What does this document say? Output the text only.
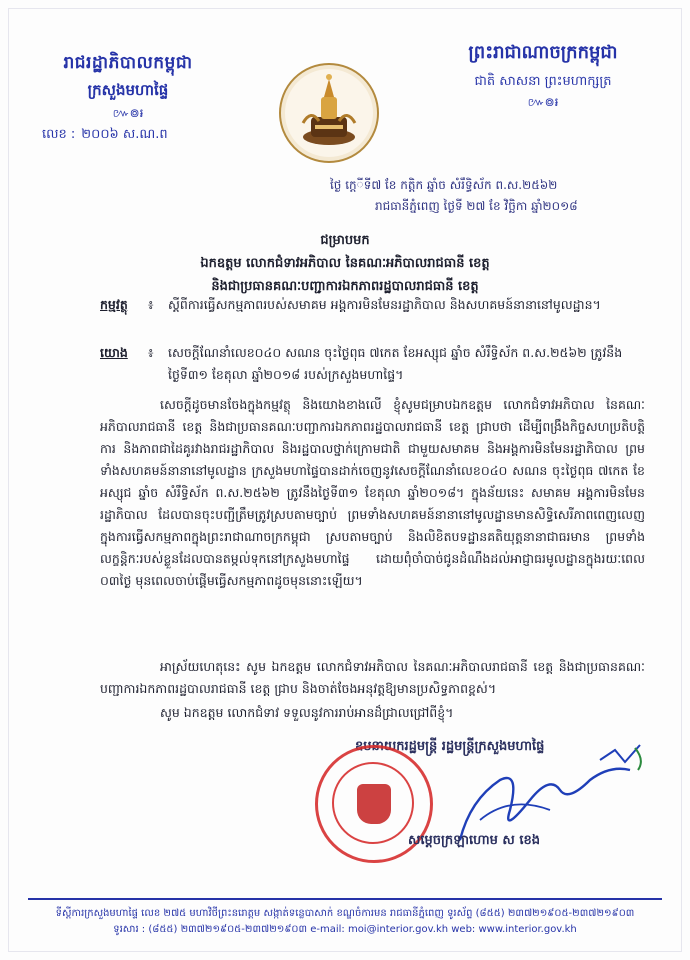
រាជរដ្ឋាភិបាលកម្ពុជា
ក្រសួងមហាផ្ទៃ
៚៙៛
លេខ : ២០០៦ ស.ណ.ព
ព្រះរាជាណាចក្រកម្ពុជា
ជាតិ សាសនា ព្រះមហាក្សត្រ
៚៙៛
ថ្ងៃ កេ្តីទី៧ ខែ កត្តិក ឆ្នាំច សំរឹទ្ធិស័ក ព.ស.២៥៦២
រាជធានីភ្នំពេញ ថ្ងៃទី ២៧ ខែ វិច្ឆិកា ឆ្នាំ២០១៨
ជម្រាបមក
ឯកឧត្តម លោកជំទាវអភិបាល នៃគណៈអភិបាលរាជធានី ខេត្ត
និងជាប្រធានគណៈបញ្ជាការឯកភាពរដ្ឋបាលរាជធានី ខេត្ត
កម្មវត្ថុ ៖ ស្តីពីការធ្វើសកម្មភាពរបស់សមាគម អង្គការមិនមែនរដ្ឋាភិបាល និងសហគមន៍នានានៅមូលដ្ឋាន។
យោង ៖ សេចក្តីណែនាំលេខ០៤០ សណន ចុះថ្ងៃពុធ ៧កេត ខែអស្សុជ ឆ្នាំច សំរឹទ្ធិស័ក ព.ស.២៥៦២ ត្រូវនឹងថ្ងៃទី៣១ ខែតុលា ឆ្នាំ២០១៨ របស់ក្រសួងមហាផ្ទៃ។
សេចក្តីដូចមានចែងក្នុងកម្មវត្ថុ និងយោងខាងលើ ខ្ញុំសូមជម្រាបឯកឧត្តម លោកជំទាវអភិបាល នៃគណៈអភិបាលរាជធានី ខេត្ត និងជាប្រធានគណៈបញ្ជាការឯកភាពរដ្ឋបាលរាជធានី ខេត្ត ជ្រាបថា ដើម្បីពង្រឹងកិច្ចសហប្រតិបត្តិការ និងភាពជាដៃគូរវាងរាជរដ្ឋាភិបាល និងរដ្ឋបាលថ្នាក់ក្រោមជាតិ ជាមួយសមាគម និងអង្គការមិនមែនរដ្ឋាភិបាល ព្រមទាំងសហគមន៍នានានៅមូលដ្ឋាន ក្រសួងមហាផ្ទៃបានដាក់ចេញនូវសេចក្តីណែនាំលេខ០៤០ សណន ចុះថ្ងៃពុធ ៧កេត ខែអស្សុជ ឆ្នាំច សំរឹទ្ធិស័ក ព.ស.២៥៦២ ត្រូវនឹងថ្ងៃទី៣១ ខែតុលា ឆ្នាំ២០១៨។ ក្នុងន័យនេះ សមាគម អង្គការមិនមែនរដ្ឋាភិបាល ដែលបានចុះបញ្ជីត្រឹមត្រូវស្របតាមច្បាប់ ព្រមទាំងសហគមន៍នានានៅមូលដ្ឋានមានសិទ្ធិសេរីភាពពេញលេញក្នុងការធ្វើសកម្មភាពក្នុងព្រះរាជាណាចក្រកម្ពុជា ស្របតាមច្បាប់ និងលិខិតបទដ្ឋានគតិយុត្តនានាជាធរមាន ព្រមទាំងលក្ខន្តិកៈរបស់ខ្លួនដែលបានតម្កល់ទុកនៅក្រសួងមហាផ្ទៃ ដោយពុំចាំបាច់ជូនដំណឹងដល់អាជ្ញាធរមូលដ្ឋានក្នុងរយៈពេល ០៣ថ្ងៃ មុនពេលចាប់ផ្តើមធ្វើសកម្មភាពដូចមុននោះឡើយ។
អាស្រ័យហេតុនេះ សូម ឯកឧត្តម លោកជំទាវអភិបាល នៃគណៈអភិបាលរាជធានី ខេត្ត និងជាប្រធានគណៈបញ្ជាការឯកភាពរដ្ឋបាលរាជធានី ខេត្ត ជ្រាប និងចាត់ចែងអនុវត្តឱ្យមានប្រសិទ្ធភាពខ្ពស់។
សូម ឯកឧត្តម លោកជំទាវ ទទួលនូវការរាប់អានដ៏ជ្រាលជ្រៅពីខ្ញុំ។
ឧបនាយករដ្ឋមន្ត្រី រដ្ឋមន្ត្រីក្រសួងមហាផ្ទៃ
សម្តេចក្រឡាហោម ស ខេង
ទីស្តីការក្រសួងមហាផ្ទៃ លេខ ២៧៥ មហាវិថីព្រះនរោត្តម សង្កាត់ទន្លេបាសាក់ ខណ្ឌចំការមន រាជធានីភ្នំពេញ ទូរស័ព្ទ (៨៥៥) ២៣៧២១៩០៥-២៣៧២១៩០៣
ទូរសារ : (៨៥៥) ២៣៧២១៩០៥-២៣៧២១៩០៣ e-mail: moi@interior.gov.kh web: www.interior.gov.kh
